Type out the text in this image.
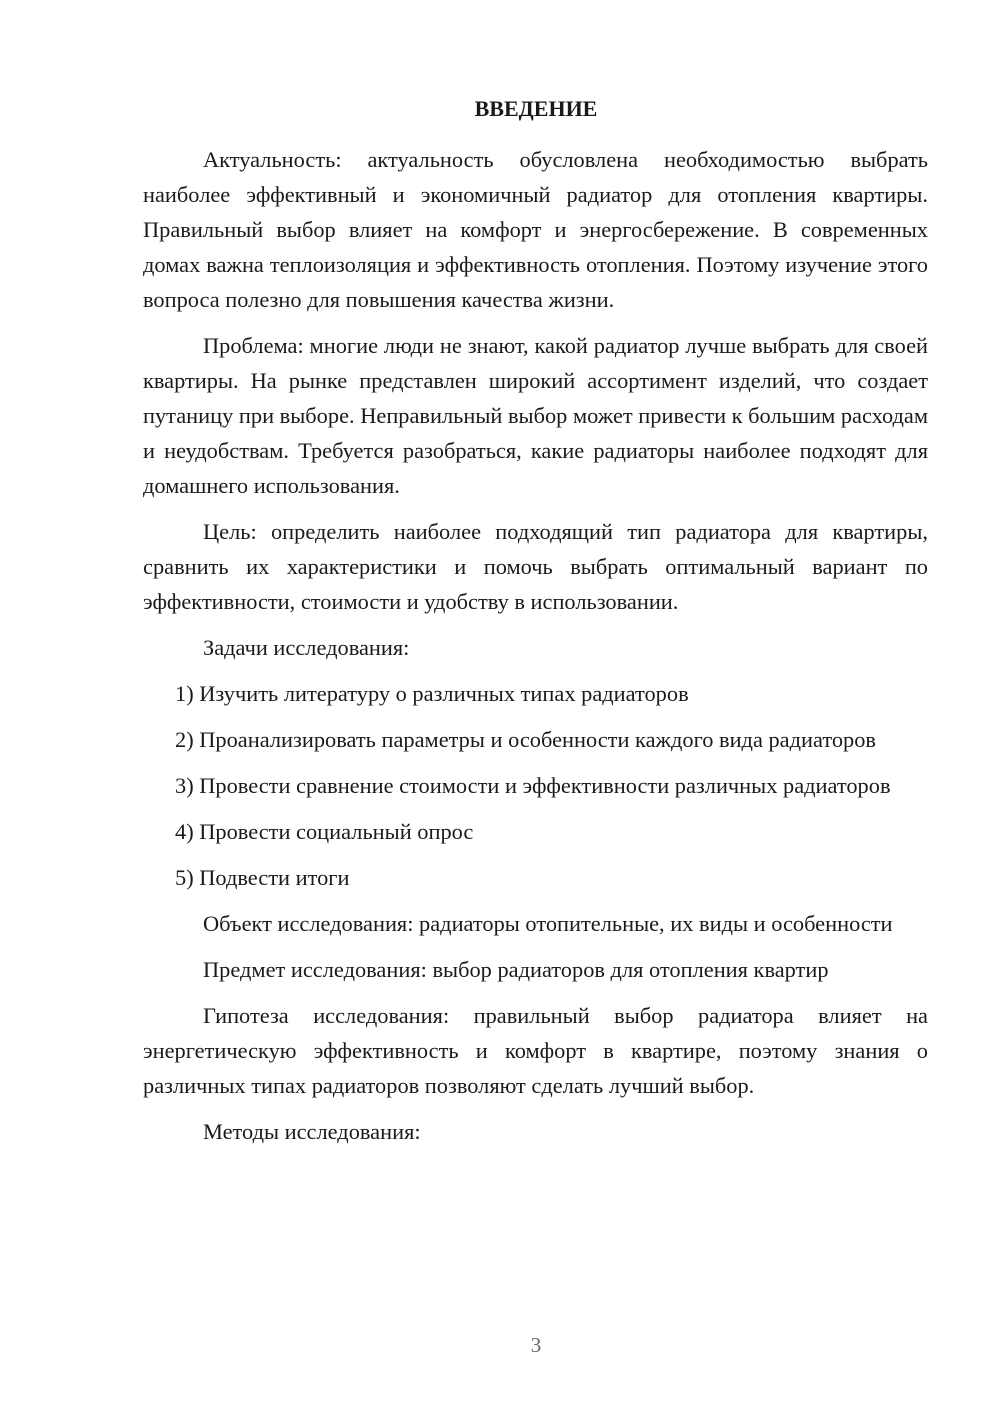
ВВЕДЕНИЕ

Актуальность: актуальность обусловлена необходимостью выбрать наиболее эффективный и экономичный радиатор для отопления квартиры. Правильный выбор влияет на комфорт и энергосбережение. В современных домах важна теплоизоляция и эффективность отопления. Поэтому изучение этого вопроса полезно для повышения качества жизни.

Проблема: многие люди не знают, какой радиатор лучше выбрать для своей квартиры. На рынке представлен широкий ассортимент изделий, что создает путаницу при выборе. Неправильный выбор может привести к большим расходам и неудобствам. Требуется разобраться, какие радиаторы наиболее подходят для домашнего использования.

Цель: определить наиболее подходящий тип радиатора для квартиры, сравнить их характеристики и помочь выбрать оптимальный вариант по эффективности, стоимости и удобству в использовании.

Задачи исследования:

1) Изучить литературу о различных типах радиаторов

2) Проанализировать параметры и особенности каждого вида радиаторов

3) Провести сравнение стоимости и эффективности различных радиаторов

4) Провести социальный опрос

5) Подвести итоги

Объект исследования: радиаторы отопительные, их виды и особенности

Предмет исследования: выбор радиаторов для отопления квартир

Гипотеза исследования: правильный выбор радиатора влияет на энергетическую эффективность и комфорт в квартире, поэтому знания о различных типах радиаторов позволяют сделать лучший выбор.

Методы исследования:

3
